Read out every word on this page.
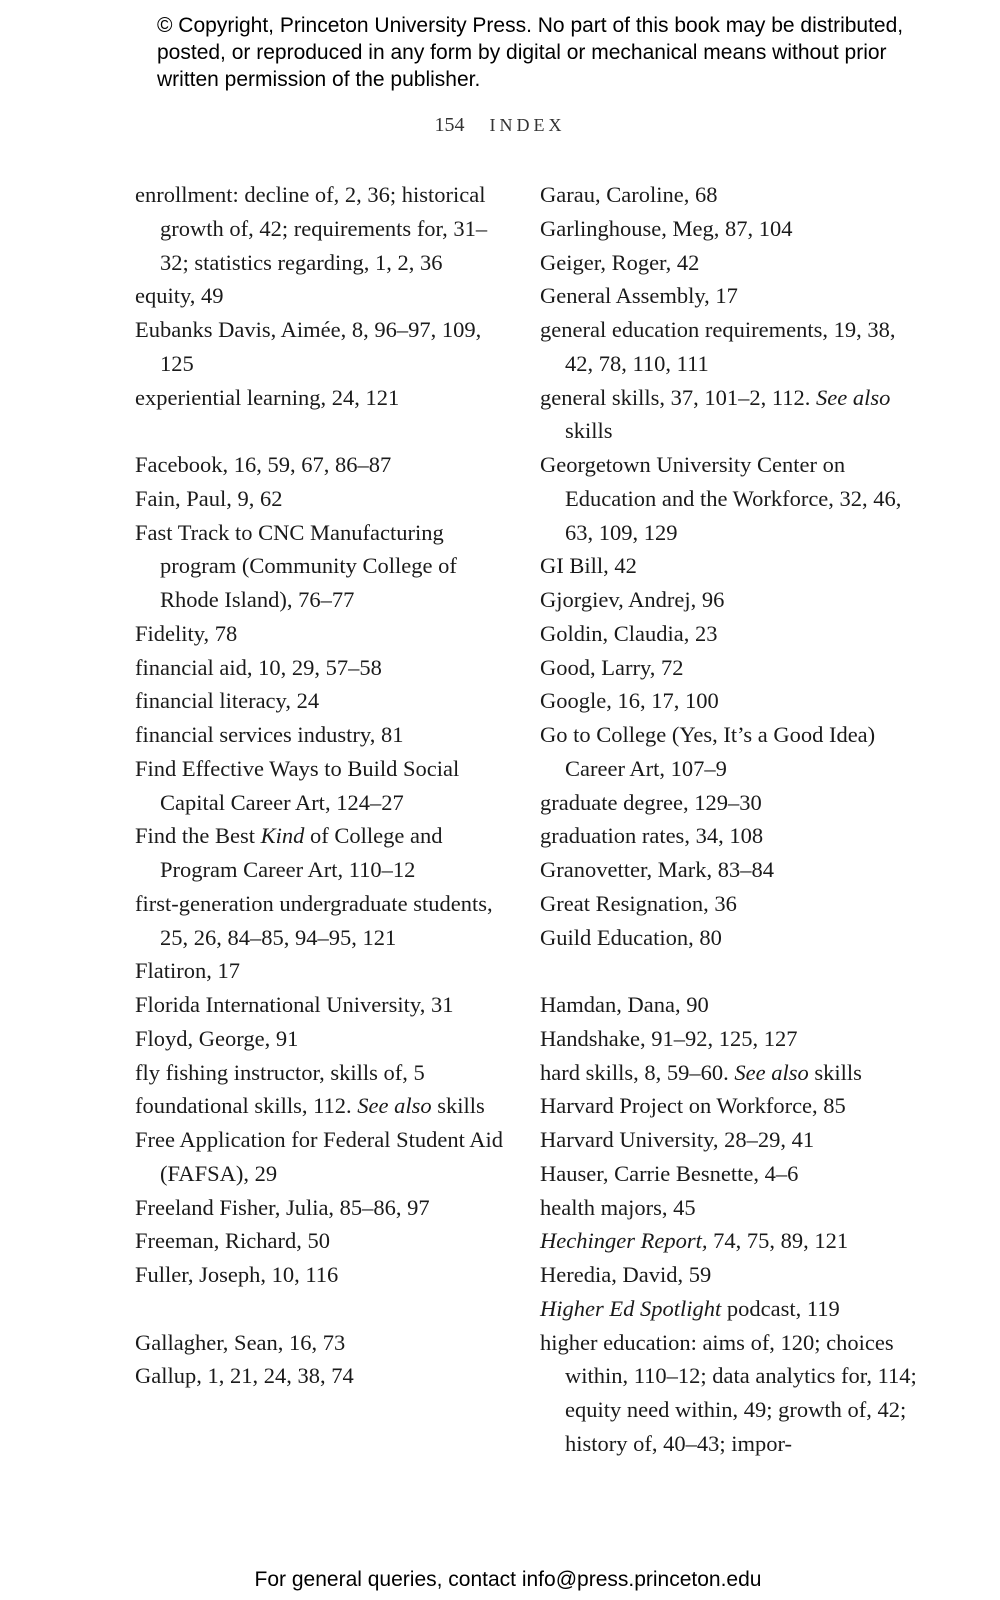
© Copyright, Princeton University Press. No part of this book may be distributed, posted, or reproduced in any form by digital or mechanical means without prior written permission of the publisher.
154 INDEX
enrollment: decline of, 2, 36; historical growth of, 42; requirements for, 31–32; statistics regarding, 1, 2, 36
equity, 49
Eubanks Davis, Aimée, 8, 96–97, 109, 125
experiential learning, 24, 121
Facebook, 16, 59, 67, 86–87
Fain, Paul, 9, 62
Fast Track to CNC Manufacturing program (Community College of Rhode Island), 76–77
Fidelity, 78
financial aid, 10, 29, 57–58
financial literacy, 24
financial services industry, 81
Find Effective Ways to Build Social Capital Career Art, 124–27
Find the Best Kind of College and Program Career Art, 110–12
first-generation undergraduate students, 25, 26, 84–85, 94–95, 121
Flatiron, 17
Florida International University, 31
Floyd, George, 91
fly fishing instructor, skills of, 5
foundational skills, 112. See also skills
Free Application for Federal Student Aid (FAFSA), 29
Freeland Fisher, Julia, 85–86, 97
Freeman, Richard, 50
Fuller, Joseph, 10, 116
Gallagher, Sean, 16, 73
Gallup, 1, 21, 24, 38, 74
Garau, Caroline, 68
Garlinghouse, Meg, 87, 104
Geiger, Roger, 42
General Assembly, 17
general education requirements, 19, 38, 42, 78, 110, 111
general skills, 37, 101–2, 112. See also skills
Georgetown University Center on Education and the Workforce, 32, 46, 63, 109, 129
GI Bill, 42
Gjorgiev, Andrej, 96
Goldin, Claudia, 23
Good, Larry, 72
Google, 16, 17, 100
Go to College (Yes, It’s a Good Idea) Career Art, 107–9
graduate degree, 129–30
graduation rates, 34, 108
Granovetter, Mark, 83–84
Great Resignation, 36
Guild Education, 80
Hamdan, Dana, 90
Handshake, 91–92, 125, 127
hard skills, 8, 59–60. See also skills
Harvard Project on Workforce, 85
Harvard University, 28–29, 41
Hauser, Carrie Besnette, 4–6
health majors, 45
Hechinger Report, 74, 75, 89, 121
Heredia, David, 59
Higher Ed Spotlight podcast, 119
higher education: aims of, 120; choices within, 110–12; data analytics for, 114; equity need within, 49; growth of, 42; history of, 40–43; impor-
For general queries, contact info@press.princeton.edu
